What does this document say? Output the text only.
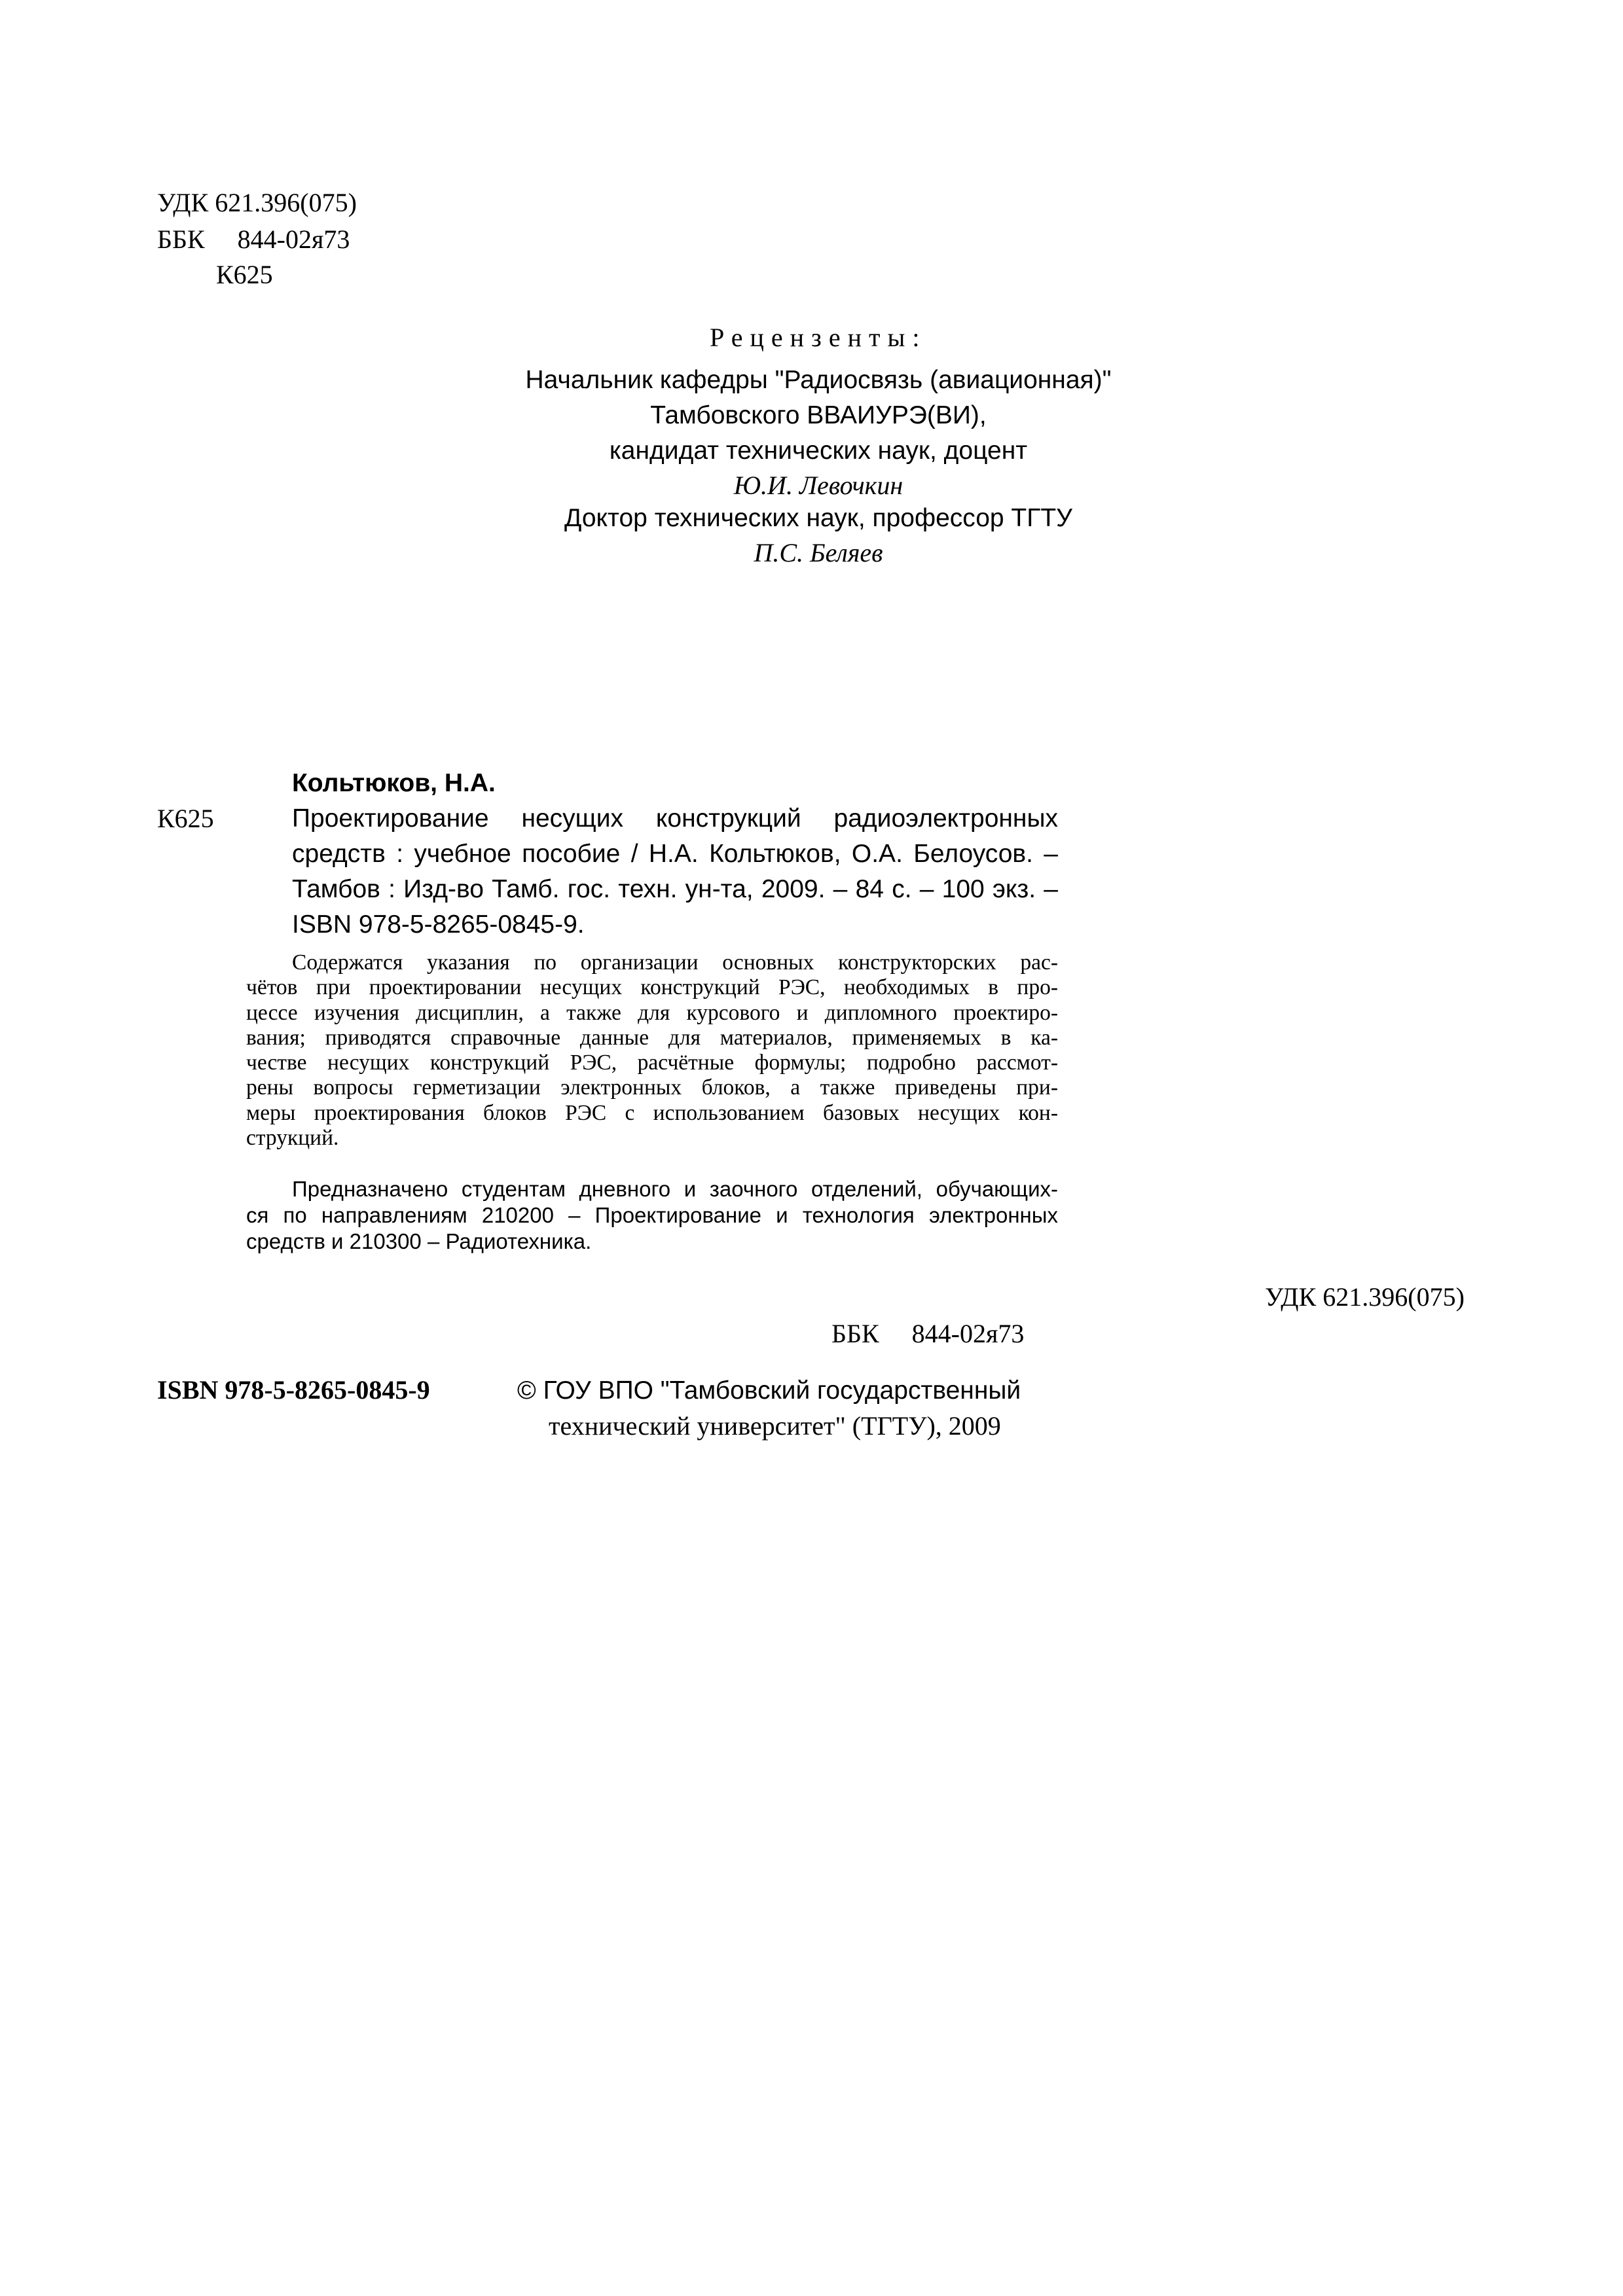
УДК 621.396(075)
ББК 844-02я73
К625
Рецензенты:
Начальник кафедры "Радиосвязь (авиационная)"
Тамбовского ВВАИУРЭ(ВИ),
кандидат технических наук, доцент
Ю.И. Левочкин
Доктор технических наук, профессор ТГТУ
П.С. Беляев
Кольтюков, Н.А.
К625	Проектирование несущих конструкций радиоэлектронных
средств : учебное пособие / Н.А. Кольтюков, О.А. Белоусов. –
Тамбов : Изд-во Тамб. гос. техн. ун-та, 2009. – 84 с. – 100 экз. –
ISBN 978-5-8265-0845-9.
Содержатся указания по организации основных конструкторских рас-
чётов при проектировании несущих конструкций РЭС, необходимых в про-
цессе изучения дисциплин, а также для курсового и дипломного проектиро-
вания; приводятся справочные данные для материалов, применяемых в ка-
честве несущих конструкций РЭС, расчётные формулы; подробно рассмот-
рены вопросы герметизации электронных блоков, а также приведены при-
меры проектирования блоков РЭС с использованием базовых несущих кон-
струкций.
Предназначено студентам дневного и заочного отделений, обучающих-
ся по направлениям 210200 – Проектирование и технология электронных
средств и 210300 – Радиотехника.
УДК 621.396(075)
ББК 844-02я73
ISBN 978-5-8265-0845-9	© ГОУ ВПО "Тамбовский государственный
технический университет" (ТГТУ), 2009
